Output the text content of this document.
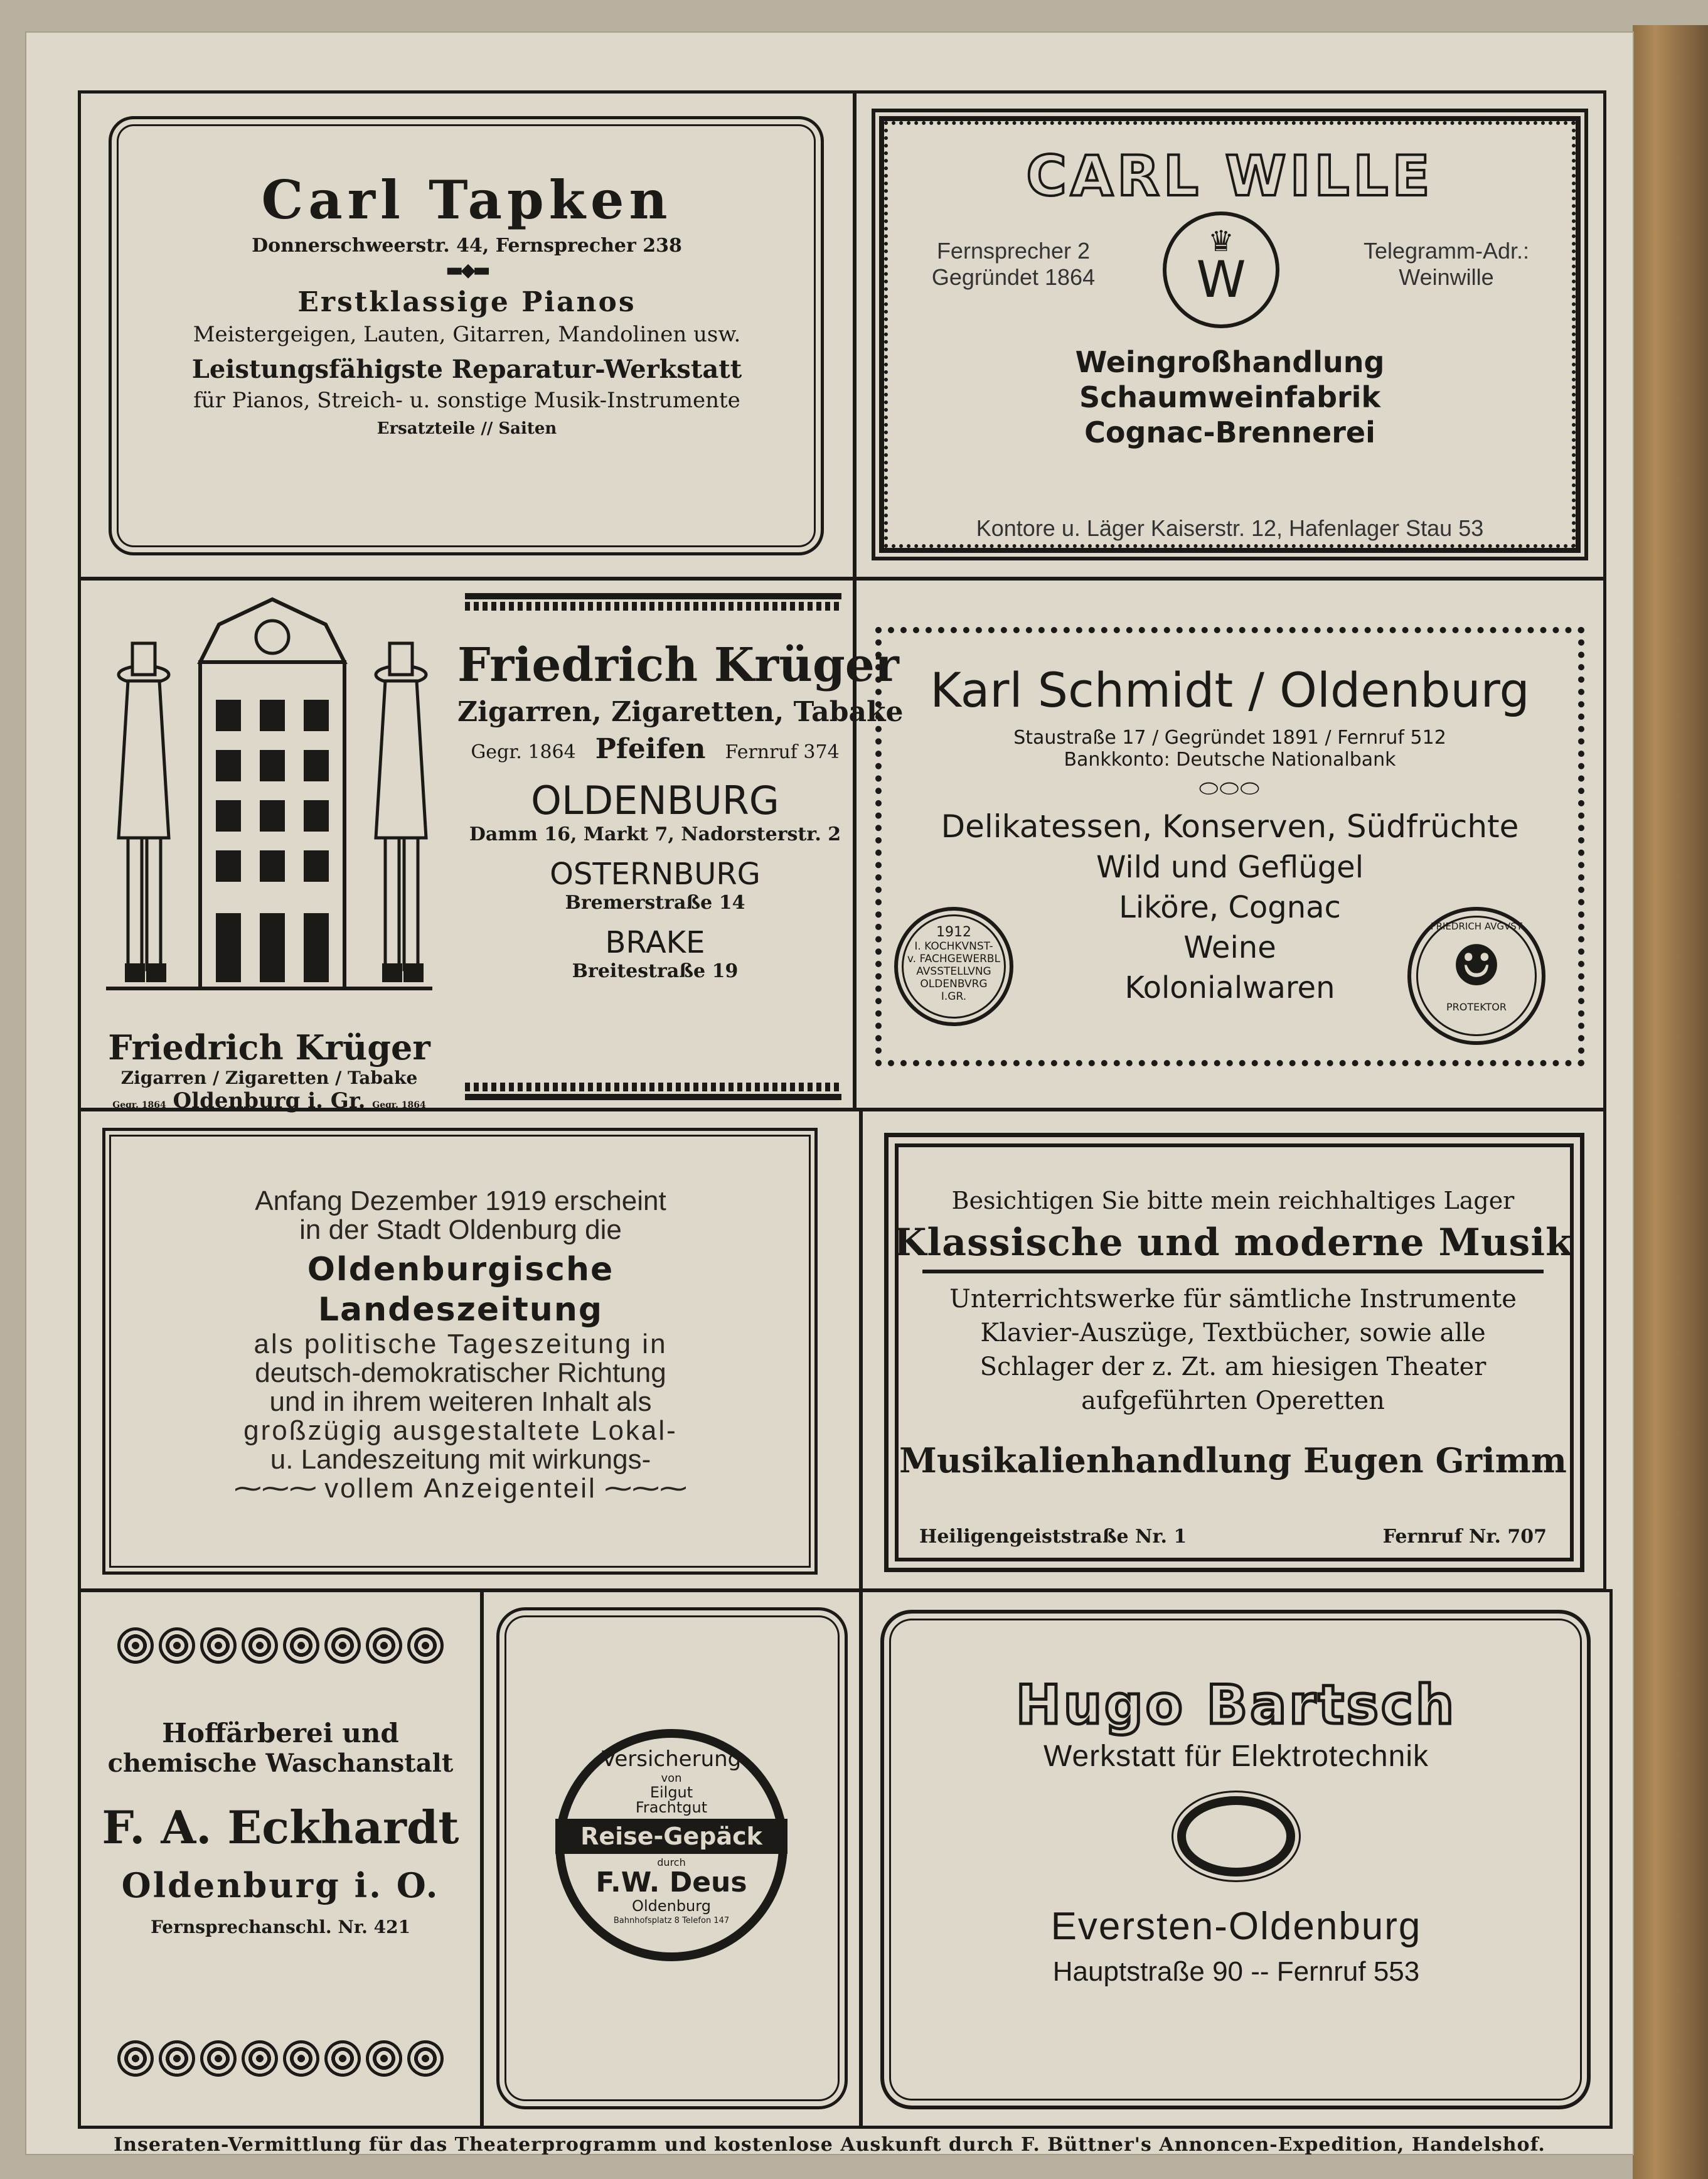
Carl Tapken
Donnerschweerstr. 44, Fernsprecher 238
▬◆▬
Erstklassige Pianos
Meistergeigen, Lauten, Gitarren, Mandolinen usw.
Leistungsfähigste Reparatur-Werkstatt
für Pianos, Streich- u. sonstige Musik-Instrumente
Ersatzteile // Saiten
CARL WILLE
Fernsprecher 2
Gegründet 1864
♛
W	Telegramm-Adr.:
Weinwille
Weingroßhandlung
Schaumweinfabrik
Cognac-Brennerei
Kontore u. Läger Kaiserstr. 12, Hafenlager Stau 53
Friedrich Krüger
Zigarren / Zigaretten / Tabake
Gegr. 1864 Oldenburg i. Gr. Gegr. 1864
Friedrich Krüger
Zigarren, Zigaretten, Tabake
Gegr. 1864 Pfeifen Fernruf 374
OLDENBURG
Damm 16, Markt 7, Nadorsterstr. 2
OSTERNBURG
Bremerstraße 14
BRAKE
Breitestraße 19
Karl Schmidt / Oldenburg
Staustraße 17 / Gegründet 1891 / Fernruf 512
Bankkonto: Deutsche Nationalbank
⬭⬭⬭
Delikatessen, Konserven, Südfrüchte
Wild und Geflügel
Liköre, Cognac
Weine
Kolonialwaren
1912
I. KOCHKVNST-
v. FACHGEWERBL
AVSSTELLVNG
OLDENBVRG
I.GR.
FRIEDRICH AVGVST
☻
PROTEKTOR
Anfang Dezember 1919 erscheint
in der Stadt Oldenburg die
Oldenburgische
Landeszeitung
als politische Tageszeitung in
deutsch-demokratischer Richtung
und in ihrem weiteren Inhalt als
großzügig ausgestaltete Lokal-
u. Landeszeitung mit wirkungs-
⁓⁓⁓ vollem Anzeigenteil ⁓⁓⁓
Besichtigen Sie bitte mein reichhaltiges Lager
Klassische und moderne Musik
Unterrichtswerke für sämtliche Instrumente
Klavier-Auszüge, Textbücher, sowie alle
Schlager der z. Zt. am hiesigen Theater
aufgeführten Operetten
Musikalienhandlung Eugen Grimm
Heiligengeiststraße Nr. 1	Fernruf Nr. 707
Hoffärberei und
chemische Waschanstalt
F. A. Eckhardt
Oldenburg i. O.
Fernsprechanschl. Nr. 421
Versicherung
von
Eilgut
Frachtgut
Reise-Gepäck
durch
F.W. Deus
Oldenburg
Bahnhofsplatz 8 Telefon 147
Hugo Bartsch
Werkstatt für Elektrotechnik
Eversten-Oldenburg
Hauptstraße 90 -- Fernruf 553
Inseraten-Vermittlung für das Theaterprogramm und kostenlose Auskunft durch F. Büttner's Annoncen-Expedition, Handelshof.
